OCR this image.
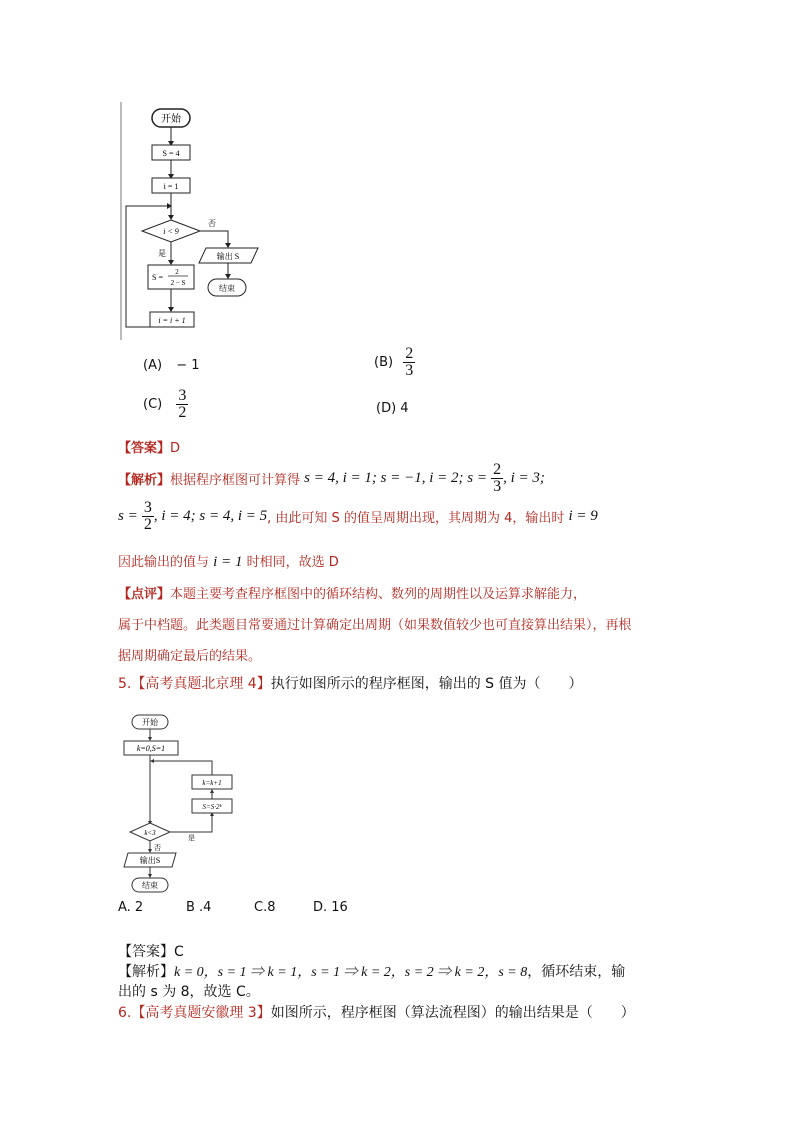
开始
S = 4
i = 1
i < 9
否
输出 S
结束
是
S =
2
2 − S
i = i + 1
(A) − 1	$(B) \frac{2}{3}$
$(C) \frac{3}{2}$	(D) 4
【答案】D
【解析】根据程序框图可计算得 s = 4, i = 1; s = −1, i = 2; $s = \frac{2}{3}$ , i = 3;
$s = \frac{3}{2}$ , i = 4; s = 4, i = 5, 由此可知 S 的值呈周期出现，其周期为 4，输出时 i = 9
因此输出的值与 i = 1 时相同，故选 D
【点评】本题主要考查程序框图中的循环结构、数列的周期性以及运算求解能力，
属于中档题。此类题目常要通过计算确定出周期（如果数值较少也可直接算出结果），再根
据周期确定最后的结果。
5.【高考真题北京理 4】执行如图所示的程序框图，输出的 S 值为（　　）
开始
k=0,S=1
S=S·2ᵏ
k=k+1
是
k<3
否
输出S
结束
A. 2	B .4	C.8	D. 16
【答案】C
【解析】k = 0，s = 1 ⇒ k = 1，s = 1 ⇒ k = 2，s = 2 ⇒ k = 2，s = 8，循环结束，输
出的 s 为 8，故选 C。
6.【高考真题安徽理 3】如图所示，程序框图（算法流程图）的输出结果是（　　）
